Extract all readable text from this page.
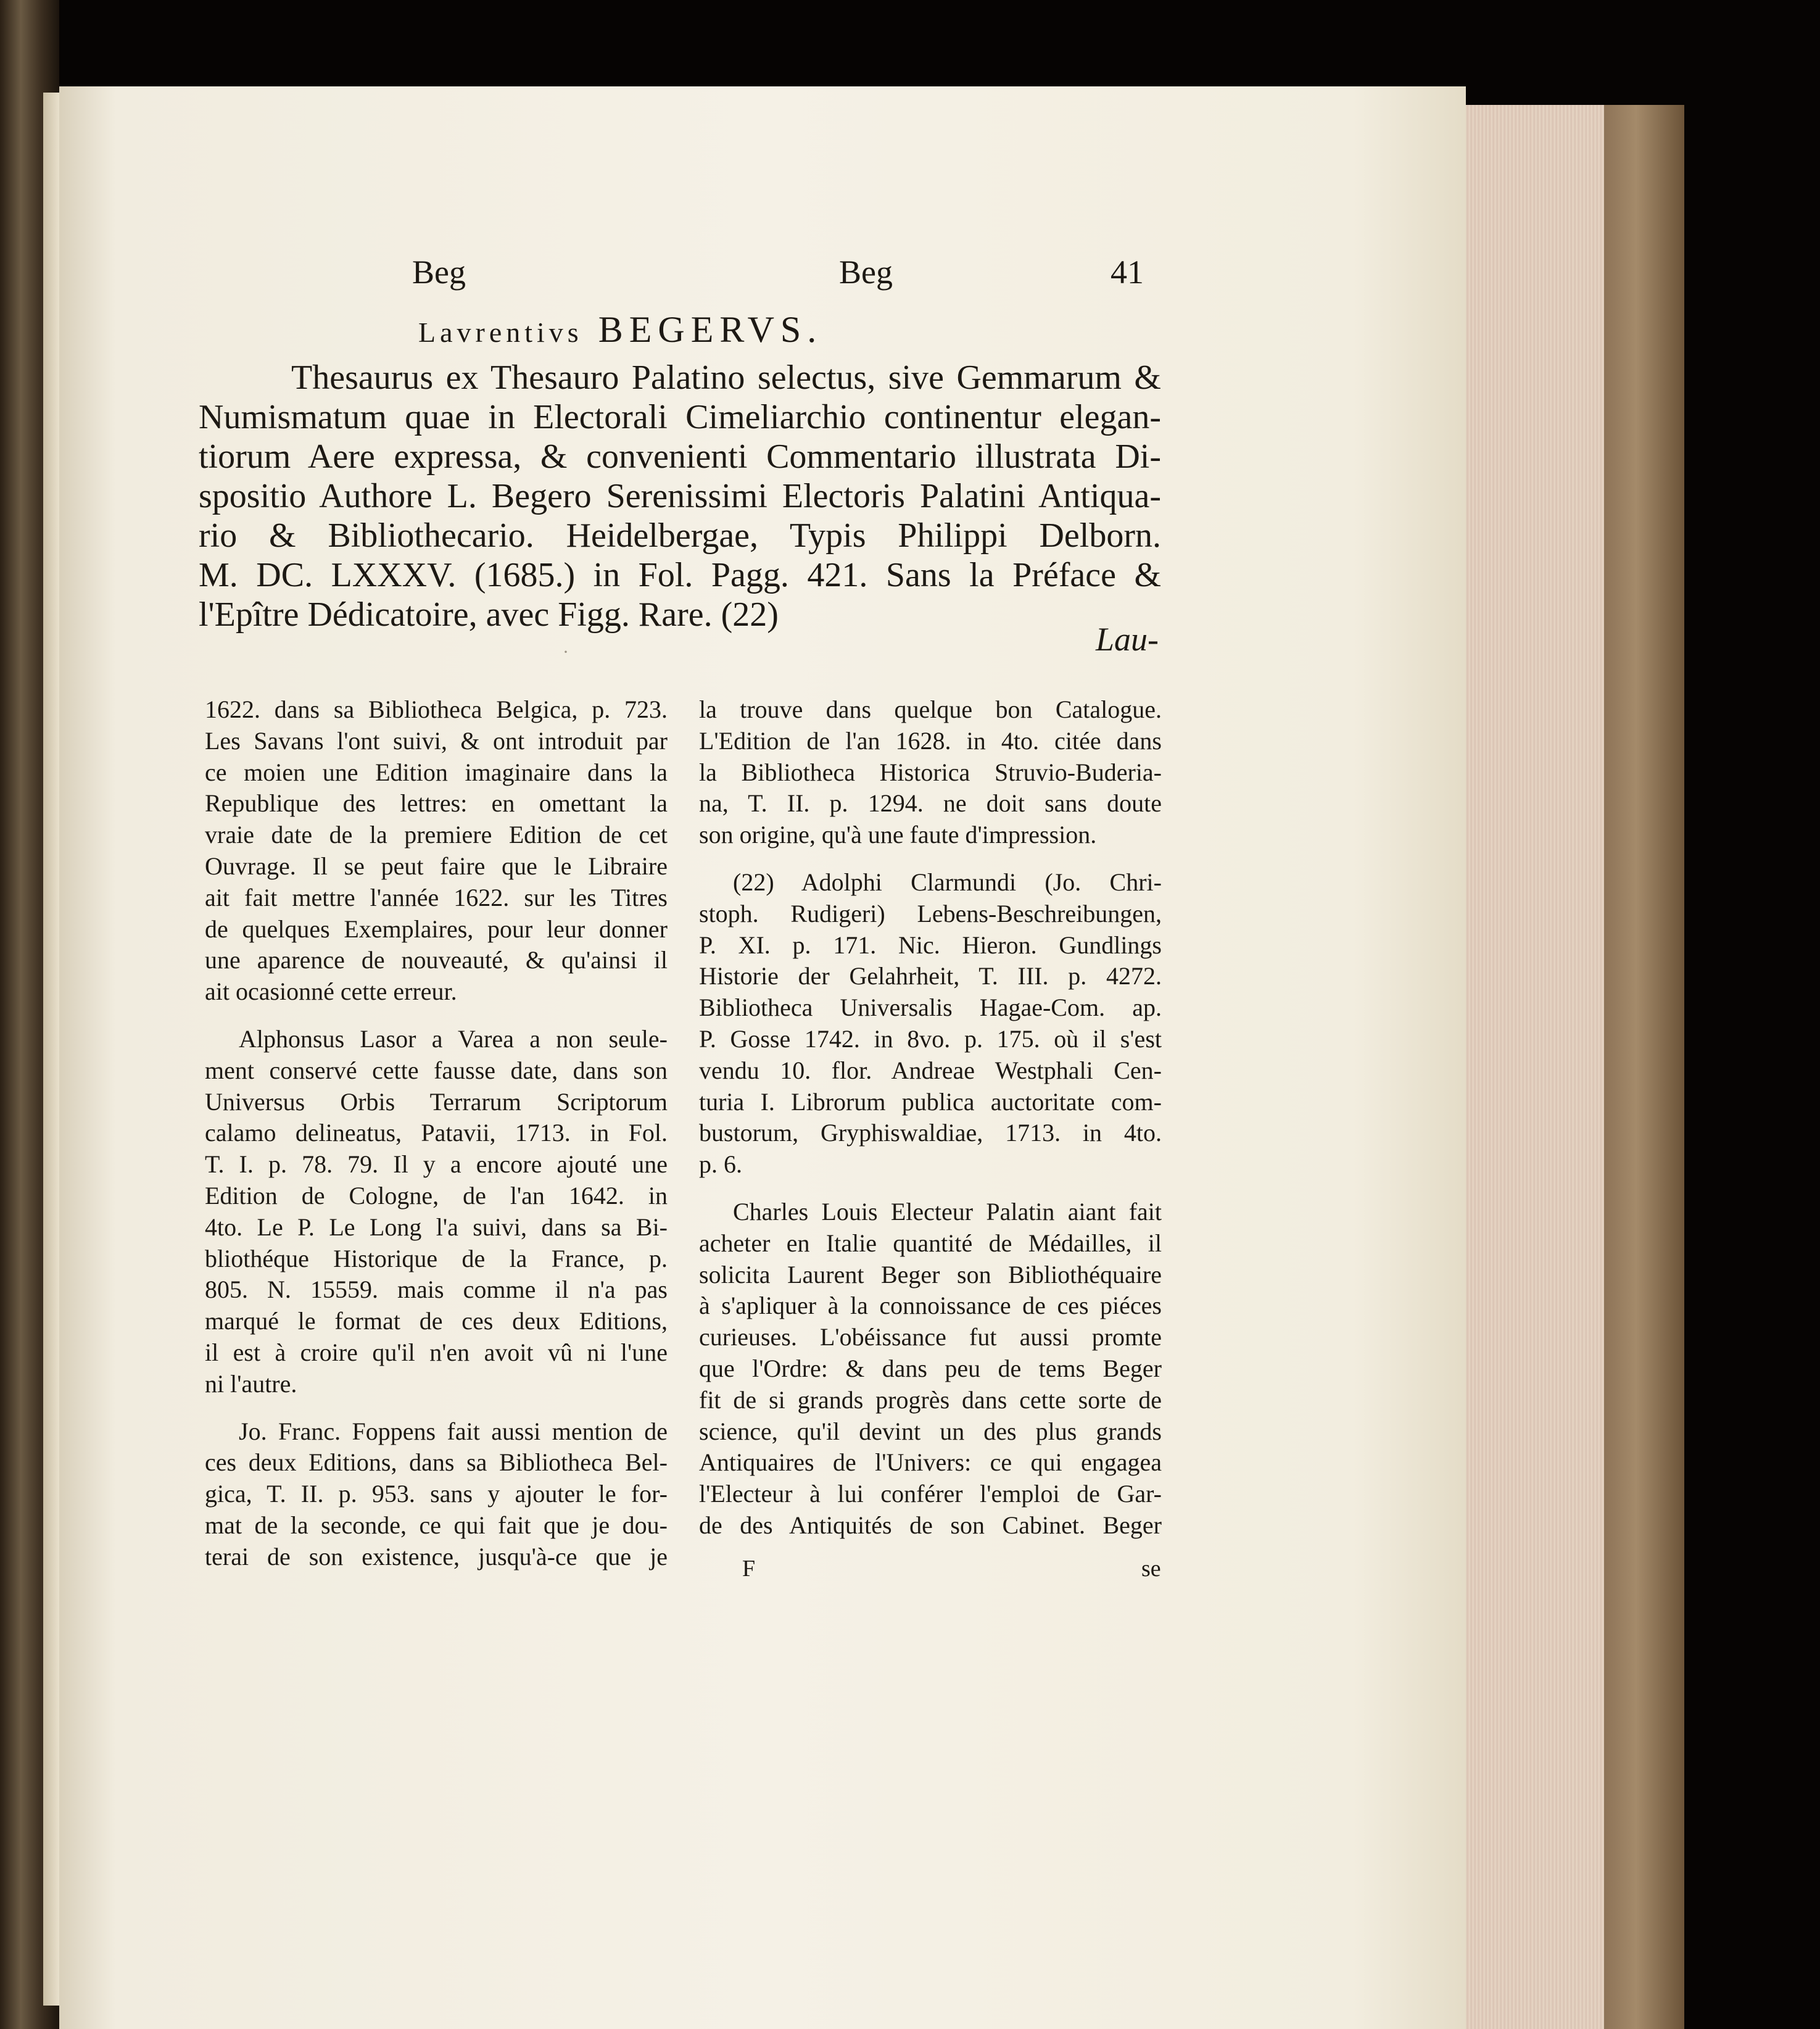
Beg	Beg	41
Lavrentivs BEGERVS.
Thesaurus ex Thesauro Palatino selectus, sive Gemmarum &
Numismatum quae in Electorali Cimeliarchio continentur elegan-
tiorum Aere expressa, & convenienti Commentario illustrata Di-
spositio Authore L. Begero Serenissimi Electoris Palatini Antiqua-
rio & Bibliothecario. Heidelbergae, Typis Philippi Delborn.
M. DC. LXXXV. (1685.) in Fol. Pagg. 421. Sans la Préface &
l'Epître Dédicatoire, avec Figg. Rare. (22)
Lau-
·
1622. dans sa Bibliotheca Belgica, p. 723.
Les Savans l'ont suivi, & ont introduit par
ce moien une Edition imaginaire dans la
Republique des lettres: en omettant la
vraie date de la premiere Edition de cet
Ouvrage. Il se peut faire que le Libraire
ait fait mettre l'année 1622. sur les Titres
de quelques Exemplaires, pour leur donner
une aparence de nouveauté, & qu'ainsi il
ait ocasionné cette erreur.
Alphonsus Lasor a Varea a non seule-
ment conservé cette fausse date, dans son
Universus Orbis Terrarum Scriptorum
calamo delineatus, Patavii, 1713. in Fol.
T. I. p. 78. 79. Il y a encore ajouté une
Edition de Cologne, de l'an 1642. in
4to. Le P. Le Long l'a suivi, dans sa Bi-
bliothéque Historique de la France, p.
805. N. 15559. mais comme il n'a pas
marqué le format de ces deux Editions,
il est à croire qu'il n'en avoit vû ni l'une
ni l'autre.
Jo. Franc. Foppens fait aussi mention de
ces deux Editions, dans sa Bibliotheca Bel-
gica, T. II. p. 953. sans y ajouter le for-
mat de la seconde, ce qui fait que je dou-
terai de son existence, jusqu'à-ce que je
la trouve dans quelque bon Catalogue.
L'Edition de l'an 1628. in 4to. citée dans
la Bibliotheca Historica Struvio-Buderia-
na, T. II. p. 1294. ne doit sans doute
son origine, qu'à une faute d'impression.
(22) Adolphi Clarmundi (Jo. Chri-
stoph. Rudigeri) Lebens-Beschreibungen,
P. XI. p. 171. Nic. Hieron. Gundlings
Historie der Gelahrheit, T. III. p. 4272.
Bibliotheca Universalis Hagae-Com. ap.
P. Gosse 1742. in 8vo. p. 175. où il s'est
vendu 10. flor. Andreae Westphali Cen-
turia I. Librorum publica auctoritate com-
bustorum, Gryphiswaldiae, 1713. in 4to.
p. 6.
Charles Louis Electeur Palatin aiant fait
acheter en Italie quantité de Médailles, il
solicita Laurent Beger son Bibliothéquaire
à s'apliquer à la connoissance de ces piéces
curieuses. L'obéissance fut aussi promte
que l'Ordre: & dans peu de tems Beger
fit de si grands progrès dans cette sorte de
science, qu'il devint un des plus grands
Antiquaires de l'Univers: ce qui engagea
l'Electeur à lui conférer l'emploi de Gar-
de des Antiquités de son Cabinet. Beger
F	se
